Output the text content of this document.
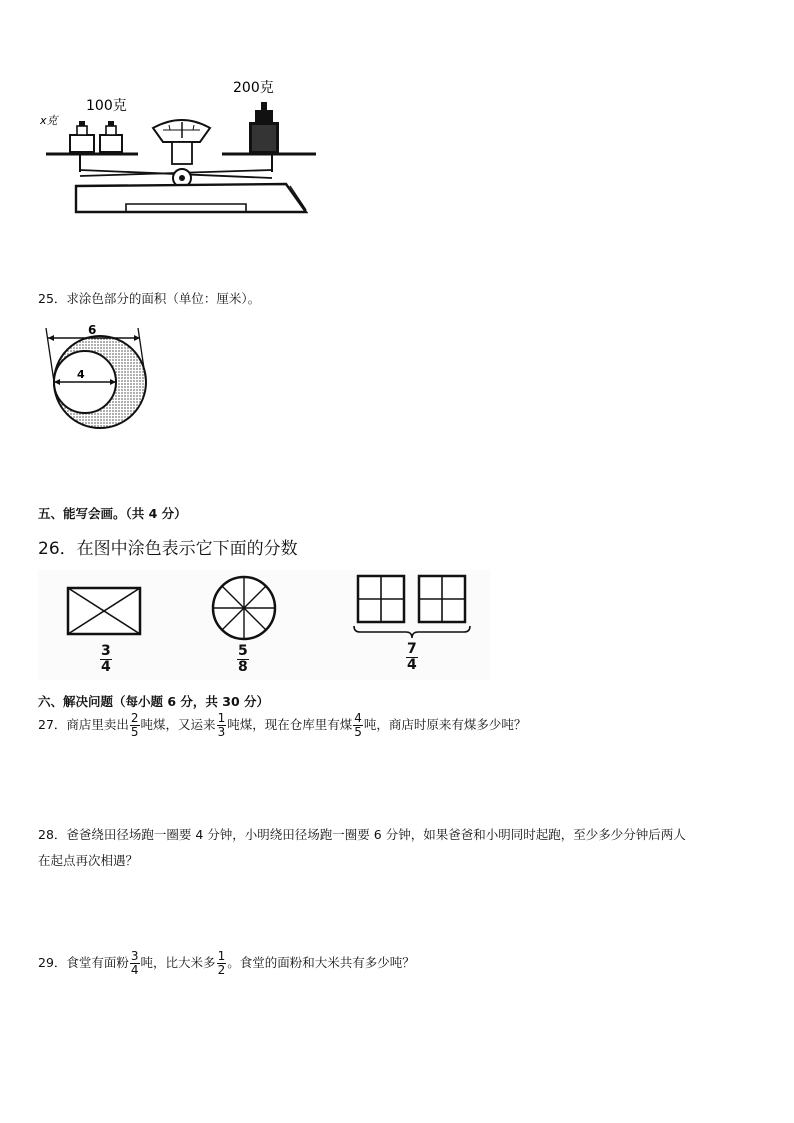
x克
100克
200克
25．求涂色部分的面积（单位：厘米）。
4
6
五、能写会画。（共 4 分）
26．在图中涂色表示它下面的分数
$\frac{3}{4}$	$\frac{5}{8}$	$\frac{7}{4}$
六、解决问题（每小题 6 分，共 30 分）
27．商店里卖出 $\frac{2}{5}$ 吨煤，又运来 $\frac{1}{3}$ 吨煤，现在仓库里有煤 $\frac{4}{5}$ 吨，商店时原来有煤多少吨？
28．爸爸绕田径场跑一圈要 4 分钟，小明绕田径场跑一圈要 6 分钟，如果爸爸和小明同时起跑，至少多少分钟后两人
在起点再次相遇？
29．食堂有面粉 $\frac{3}{4}$ 吨，比大米多 $\frac{1}{2}$ 。食堂的面粉和大米共有多少吨？
